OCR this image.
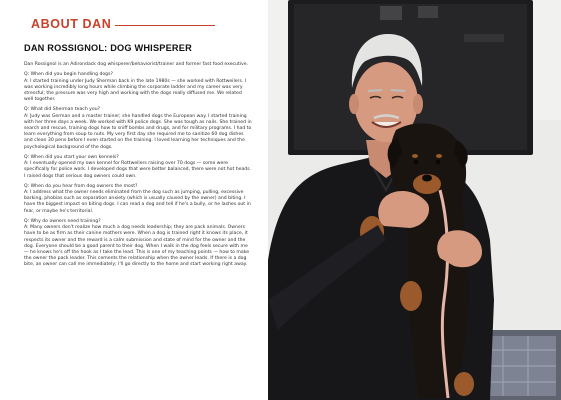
ABOUT DAN
DAN ROSSIGNOL: DOG WHISPERER

Dan Rossignol is an Adirondack dog whisperer/behaviorist/trainer and former fast food executive.

Q: When did you begin handling dogs?
A: I started training under Judy Sherman back in the late 1980s — she worked with Rottweilers. I was working incredibly long hours while climbing the corporate ladder and my career was very stressful; the pressure was very high and working with the dogs really diffused me. We related well together.

Q: What did Sherman teach you?
A: Judy was German and a master trainer; she handled dogs the European way. I started training with her three days a week. We worked with K9 police dogs. She was tough as nails. She trained in search and rescue, training dogs how to sniff bombs and drugs, and for military programs. I had to learn everything from soup to nuts. My very first day she required me to sanitize 60 dog dishes and clean 30 pens before I even started on the training. I loved learning her techniques and the psychological background of the dogs.

Q: When did you start your own kennels?
A: I eventually opened my own kennel for Rottweilers raising over 70 dogs — some were specifically for police work. I developed dogs that were better balanced, there were not hot heads. I raised dogs that serious dog owners could own.

Q: When do you hear from dog owners the most?
A: I address what the owner needs eliminated from the dog such as jumping, pulling, excessive barking, phobias such as separation anxiety (which is usually caused by the owner) and biting. I have the biggest impact on biting dogs. I can read a dog and tell if he's a bully, or he lashes out in fear, or maybe he's territorial.

Q: Why do owners need training?
A: Many owners don't realize how much a dog needs leadership; they are pack animals. Owners have to be as firm as their canine mothers were. When a dog is trained right it knows its place, it respects its owner and the reward is a calm submission and state of mind for the owner and the dog. Everyone should be a good parent to their dog. When I walk in the dog feels secure with me — he knows he's off the hook as I take the lead. This is one of my teaching points — how to make the owner the pack leader. This cements the relationship when the owner leads. If there is a dog bite, an owner can call me immediately; I'll go directly to the home and start working right away.
